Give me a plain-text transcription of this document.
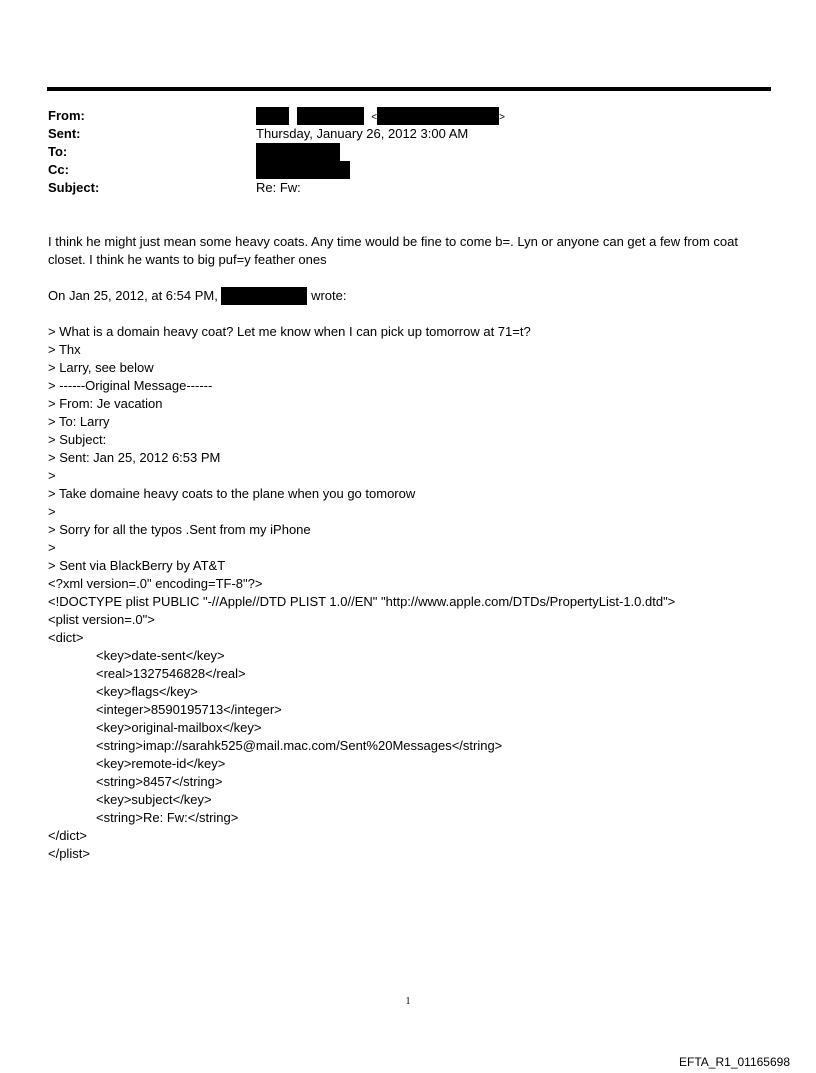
From:
Sent:
To:
Cc:
Subject:
<	>
Thursday, January 26, 2012 3:00 AM
Re: Fw:
I think he might just mean some heavy coats. Any time would be fine to come b=. Lyn or anyone can get a few from coat
closet. I think he wants to big puf=y feather ones
On Jan 25, 2012, at 6:54 PM,	wrote:
> What is a domain heavy coat? Let me know when I can pick up tomorrow at 71=t?
> Thx
> Larry, see below
> ------Original Message------
> From: Je vacation
> To: Larry
> Subject:
> Sent: Jan 25, 2012 6:53 PM
>
> Take domaine heavy coats to the plane when you go tomorow
>
> Sorry for all the typos .Sent from my iPhone
>
> Sent via BlackBerry by AT&T
<?xml version=.0" encoding=TF-8"?>
<!DOCTYPE plist PUBLIC "-//Apple//DTD PLIST 1.0//EN" "http://www.apple.com/DTDs/PropertyList-1.0.dtd">
<plist version=.0">
<dict>
<key>date-sent</key>
<real>1327546828</real>
<key>flags</key>
<integer>8590195713</integer>
<key>original-mailbox</key>
<string>imap://sarahk525@mail.mac.com/Sent%20Messages</string>
<key>remote-id</key>
<string>8457</string>
<key>subject</key>
<string>Re: Fw:</string>
</dict>
</plist>
1
EFTA_R1_01165698
